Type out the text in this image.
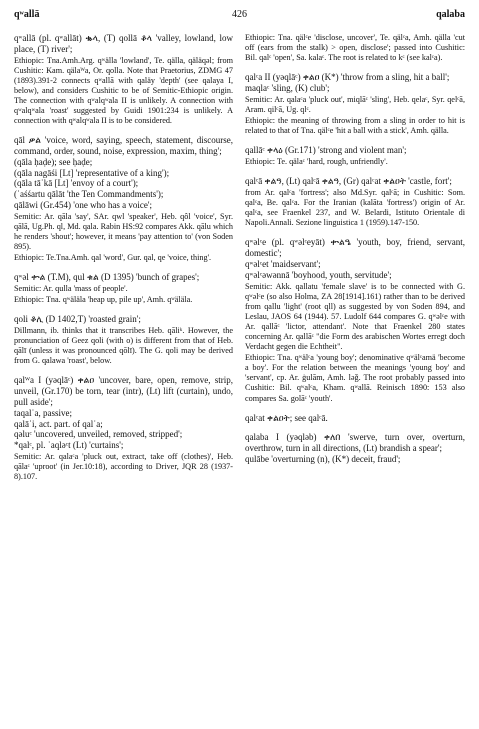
qʷallā	426	qalaba

qʷallā (pl. qʷallāt) ቈላ, (T) qollā ቆላ 'valley, lowland, low place, (T) river';

Ethiopic: Tna.Amh.Arg. qʷälla 'lowland', Te. qälla, qäläqəl; from Cushitic: Kam. qälaᵂa, Or. qolla. Note that Praetorius, ZDMG 47 (1893).391-2 connects qʷallā with qaläy 'depth' (see qalaya I, below), and considers Cushitic to be of Semitic-Ethiopic origin. The connection with qʷalqʷala II is unlikely. A connection with qʷalqʷala 'roast' suggested by Guidi 1901:234 is unlikely. A connection with qʷalqʷala II is to be considered.

qāl ቃል 'voice, word, saying, speech, statement, discourse, command, order, sound, noise, expression, maxim, thing';

(qāla ḥaḍe); see ḥaḍe;

(qāla nagāśi [Lt] 'representative of a king');

(qāla tāʿkā [Lt] 'envoy of a court');

(ʿaśśartu qālāt 'the Ten Commandments');

qālāwi (Gr.454) 'one who has a voice';

Semitic: Ar. qāla 'say', SAr. qwl 'speaker', Heb. qôl 'voice', Syr. qālā, Ug.Ph. ql, Md. qala. Rabin HS:92 compares Akk. qālu which he renders 'shout'; however, it means 'pay attention to' (von Soden 895).

Ethiopic: Te.Tna.Amh. qal 'word', Gur. qal, qe 'voice, thing'.

qʷəl ቍል (T.M), qul ቁል (D 1395) 'bunch of grapes';

Semitic: Ar. qulla 'mass of people'.

Ethiopic: Tna. qʷäläla 'heap up, pile up', Amh. qʷäläla.

qoli ቆሊ (D 1402,T) 'roasted grain';

Dillmann, ib. thinks that it transcribes Heb. qāliᵏ. However, the pronunciation of Geez qoli (with o) is different from that of Heb. qālī (unless it was pronounced qōlī). The G. qoli may be derived from G. qalawa 'roast', below.

qalᵂa I (yəqlāᶜ) ቀልዐ 'uncover, bare, open, remove, strip, unveil, (Gr.170) be torn, tear (intr), (Lt) lift (curtain), undo, pull aside';

taqalʿa, passive;

qalāʿi, act. part. of qalʿa;

qəluᶜ 'uncovered, unveiled, removed, stripped';

*qalᶜ, pl. ʾaqləᶜt (Lt) 'curtains';

Semitic: Ar. qalaᶜa 'pluck out, extract, take off (clothes)', Heb. qālaᶜ 'uproot' (in Jer.10:18), according to Driver, JQR 28 (1937-8).107.

Ethiopic: Tna. qälᶜe 'disclose, uncover', Te. qälᶜa, Amh. qälla 'cut off (ears from the stalk) > open, disclose'; passed into Cushitic: Bil. qalᶜ 'open', Sa. kalaᶜ. The root is related to kᶜ (see kalᶜa).

qalᶜa II (yəqlāᶜ) ቀልዐ (K*) 'throw from a sling, hit a ball';

maqlaᶜ 'sling, (K) club';

Semitic: Ar. qalaᶜa 'pluck out', miqlāᶜ 'sling', Heb. qelaᶜ, Syr. qelᶜā, Aram. qilᶜā, Ug. qlᶜ.

Ethiopic: the meaning of throwing from a sling in order to hit is related to that of Tna. qälᶜe 'hit a ball with a stick', Amh. qälla.

qallāᶜ ቀላዕ (Gr.171) 'strong and violent man';

Ethiopic: Te. qälaᶜ 'hard, rough, unfriendly'.

qalᶜā ቀልዓ, (Lt) qalᶜā ቀልዓ, (Gr) qalᶜat ቀልዐት 'castle, fort';

from Ar. qalᶜa 'fortress'; also Md.Syr. qalᶜā; in Cushitic: Som. qalᶜa, Be. qalᶜa. For the Iranian (kalāta 'fortress') origin of Ar. qalᶜa, see Fraenkel 237, and W. Belardi, Istituto Orientale di Napoli.Annali. Sezione linguistica 1 (1959).147-150.

qʷəlᶜe (pl. qʷəlᶜeyāt) ቍልዔ 'youth, boy, friend, servant, domestic';

qʷəlᶜet 'maidservant';

qʷəlᶜəwənnā 'boyhood, youth, servitude';

Semitic: Akk. qallatu 'female slave' is to be connected with G. qʷəlᶜe (so also Holma, ZA 28[1914].161) rather than to be derived from qallu 'light' (root qll) as suggested by von Soden 894, and Leslau, JAOS 64 (1944). 57. Ludolf 644 compares G. qʷəlᶜe with Ar. qallāᶜ 'lictor, attendant'. Note that Fraenkel 280 states concerning Ar. qallāᶜ "die Form des arabischen Wortes erregt doch Verdacht gegen die Echtheit".

Ethiopic: Tna. qʷälᶜa 'young boy'; denominative qʷälᶜamä 'become a boy'. For the relation between the meanings 'young boy' and 'servant', cp. Ar. ġulām, Amh. lǝǧ. The root probably passed into Cushitic: Bil. qʷalᶜa, Kham. qʷallā. Reinisch 1890: 153 also compares Sa. golāᶜ 'youth'.

qalᶜat ቀልዐት; see qalᶜā.

qalaba I (yəqləb) ቀለበ 'swerve, turn over, overturn, overthrow, turn in all directions, (Lt) brandish a spear';

qulābe 'overturning (n), (K*) deceit, fraud';
